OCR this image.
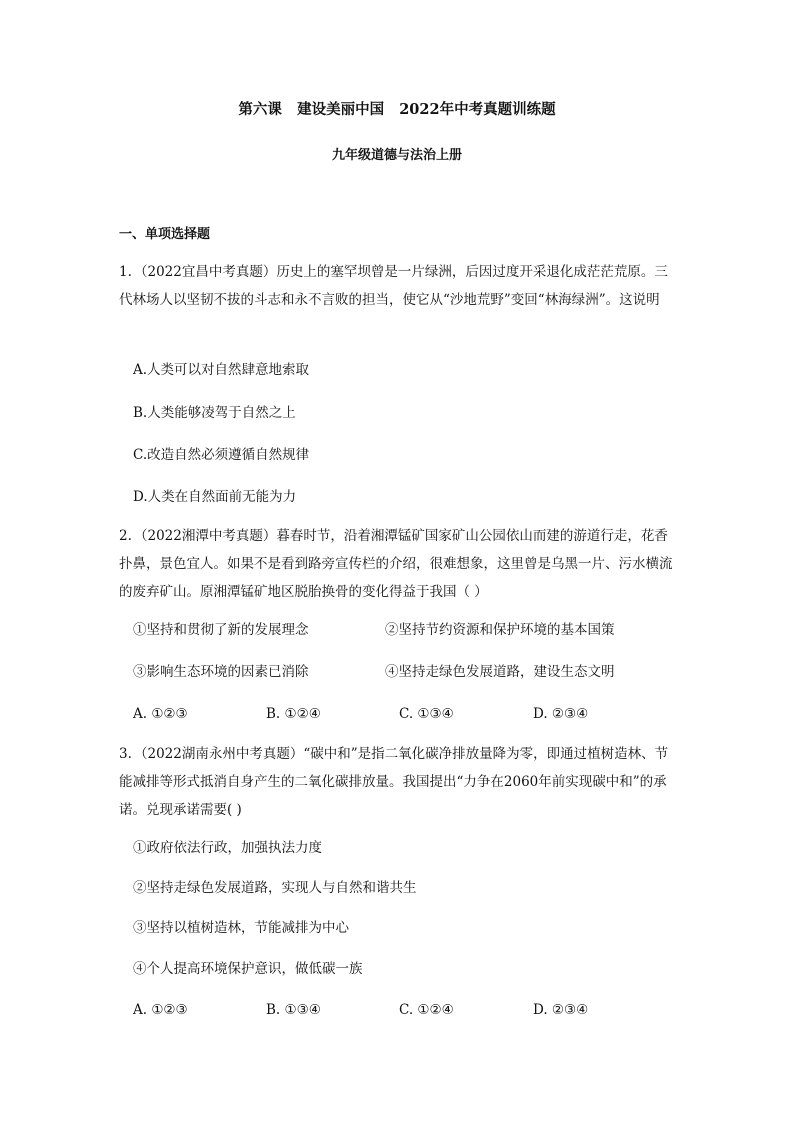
第六课   建设美丽中国   2022年中考真题训练题
九年级道德与法治上册
一、单项选择题
1. （2022宜昌中考真题）历史上的塞罕坝曾是一片绿洲，后因过度开采退化成茫茫荒原。三代林场人以坚韧不拔的斗志和永不言败的担当，使它从“沙地荒野”变回“林海绿洲”。这说明
A.人类可以对自然肆意地索取
B.人类能够凌驾于自然之上
C.改造自然必须遵循自然规律
D.人类在自然面前无能为力
2. （2022湘潭中考真题）暮春时节，沿着湘潭锰矿国家矿山公园依山而建的游道行走，花香扑鼻，景色宜人。如果不是看到路旁宣传栏的介绍，很难想象，这里曾是乌黑一片、污水横流的废弃矿山。原湘潭锰矿地区脱胎换骨的变化得益于我国（ ）
①坚持和贯彻了新的发展理念	②坚持节约资源和保护环境的基本国策
③影响生态环境的因素已消除	④坚持走绿色发展道路，建设生态文明
A. ①②③	B. ①②④	C. ①③④	D. ②③④
3. （2022湖南永州中考真题）“碳中和”是指二氧化碳净排放量降为零，即通过植树造林、节能减排等形式抵消自身产生的二氧化碳排放量。我国提出“力争在2060年前实现碳中和”的承诺。兑现承诺需要( )
①政府依法行政，加强执法力度
②坚持走绿色发展道路，实现人与自然和谐共生
③坚持以植树造林，节能减排为中心
④个人提高环境保护意识，做低碳一族
A. ①②③	B. ①③④	C. ①②④	D. ②③④
